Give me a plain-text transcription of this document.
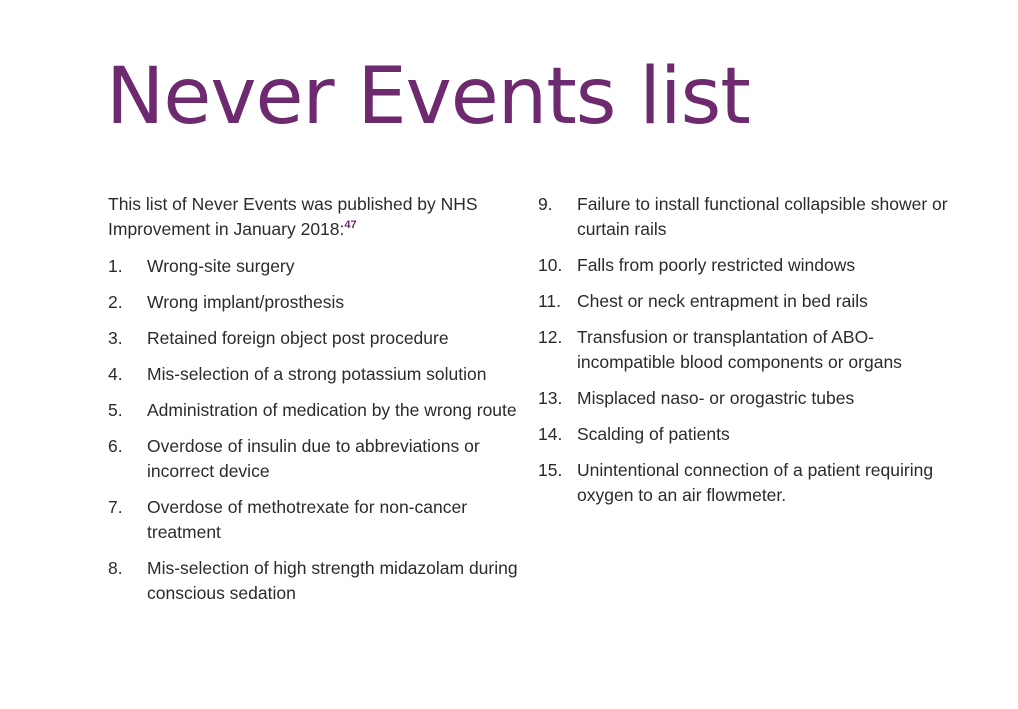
Never Events list

This list of Never Events was published by NHS Improvement in January 2018:$^{47}$

1.	Wrong-site surgery
2.	Wrong implant/prosthesis
3.	Retained foreign object post procedure
4.	Mis-selection of a strong potassium solution
5.	Administration of medication by the wrong route
6.	Overdose of insulin due to abbreviations or incorrect device
7.	Overdose of methotrexate for non-cancer treatment
8.	Mis-selection of high strength midazolam during conscious sedation
9.	Failure to install functional collapsible shower or curtain rails
10. Falls from poorly restricted windows
11. Chest or neck entrapment in bed rails
12. Transfusion or transplantation of ABO-incompatible blood components or organs
13. Misplaced naso- or orogastric tubes
14. Scalding of patients
15. Unintentional connection of a patient requiring oxygen to an air flowmeter.
